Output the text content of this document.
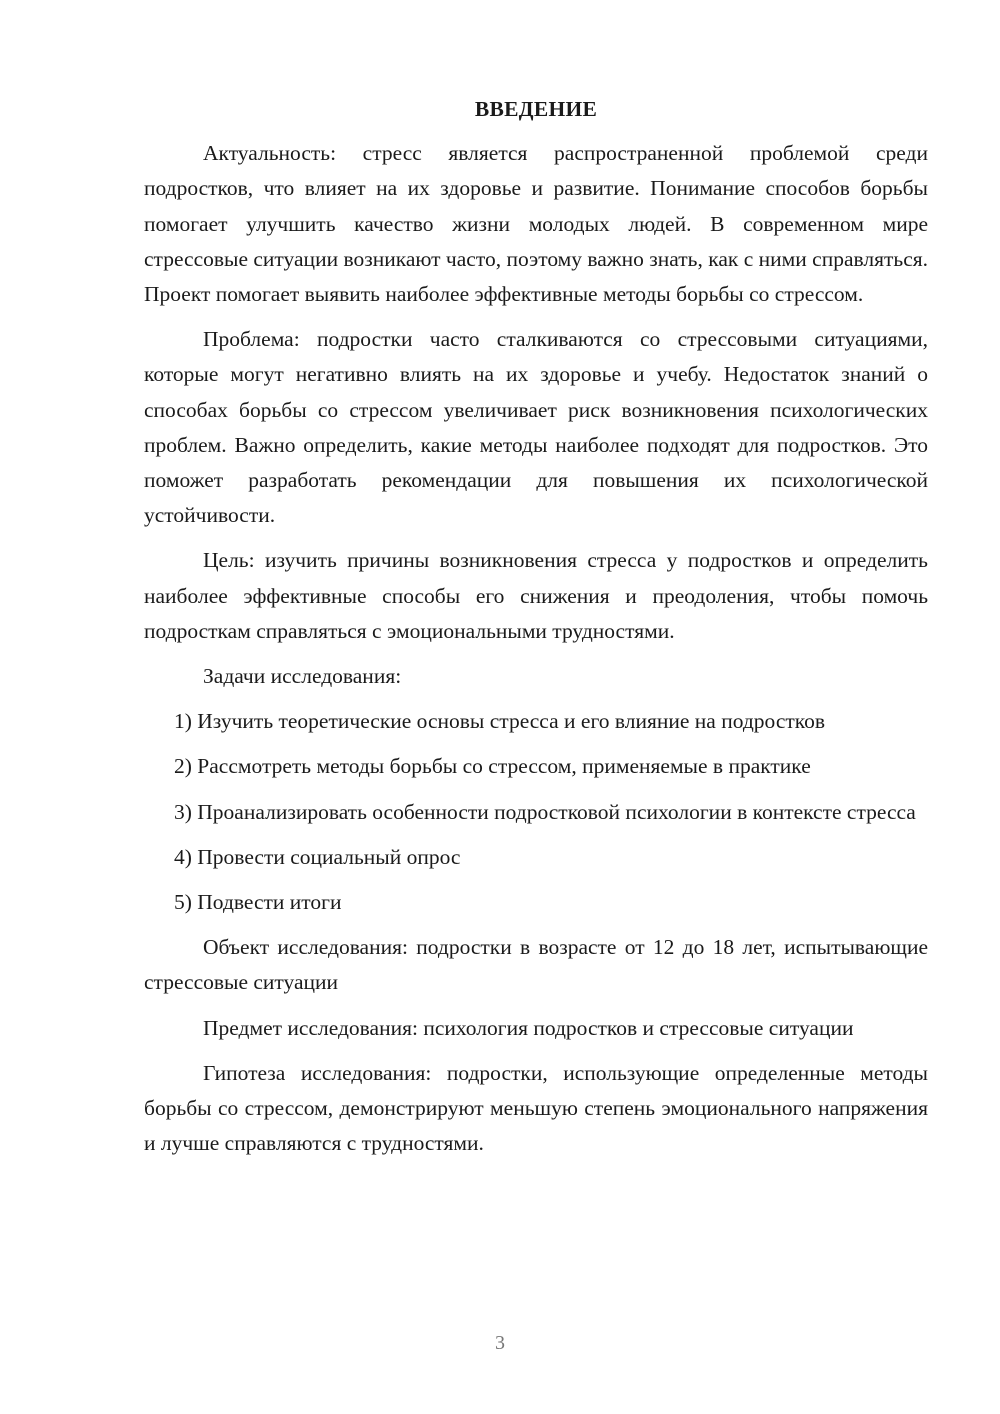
ВВЕДЕНИЕ

Актуальность: стресс является распространенной проблемой среди подростков, что влияет на их здоровье и развитие. Понимание способов борьбы помогает улучшить качество жизни молодых людей. В современном мире стрессовые ситуации возникают часто, поэтому важно знать, как с ними справляться. Проект помогает выявить наиболее эффективные методы борьбы со стрессом.

Проблема: подростки часто сталкиваются со стрессовыми ситуациями, которые могут негативно влиять на их здоровье и учебу. Недостаток знаний о способах борьбы со стрессом увеличивает риск возникновения психологических проблем. Важно определить, какие методы наиболее подходят для подростков. Это поможет разработать рекомендации для повышения их психологической устойчивости.

Цель: изучить причины возникновения стресса у подростков и определить наиболее эффективные способы его снижения и преодоления, чтобы помочь подросткам справляться с эмоциональными трудностями.

Задачи исследования:

1) Изучить теоретические основы стресса и его влияние на подростков

2) Рассмотреть методы борьбы со стрессом, применяемые в практике

3) Проанализировать особенности подростковой психологии в контексте стресса

4) Провести социальный опрос

5) Подвести итоги

Объект исследования: подростки в возрасте от 12 до 18 лет, испытывающие стрессовые ситуации

Предмет исследования: психология подростков и стрессовые ситуации

Гипотеза исследования: подростки, использующие определенные методы борьбы со стрессом, демонстрируют меньшую степень эмоционального напряжения и лучше справляются с трудностями.

3
